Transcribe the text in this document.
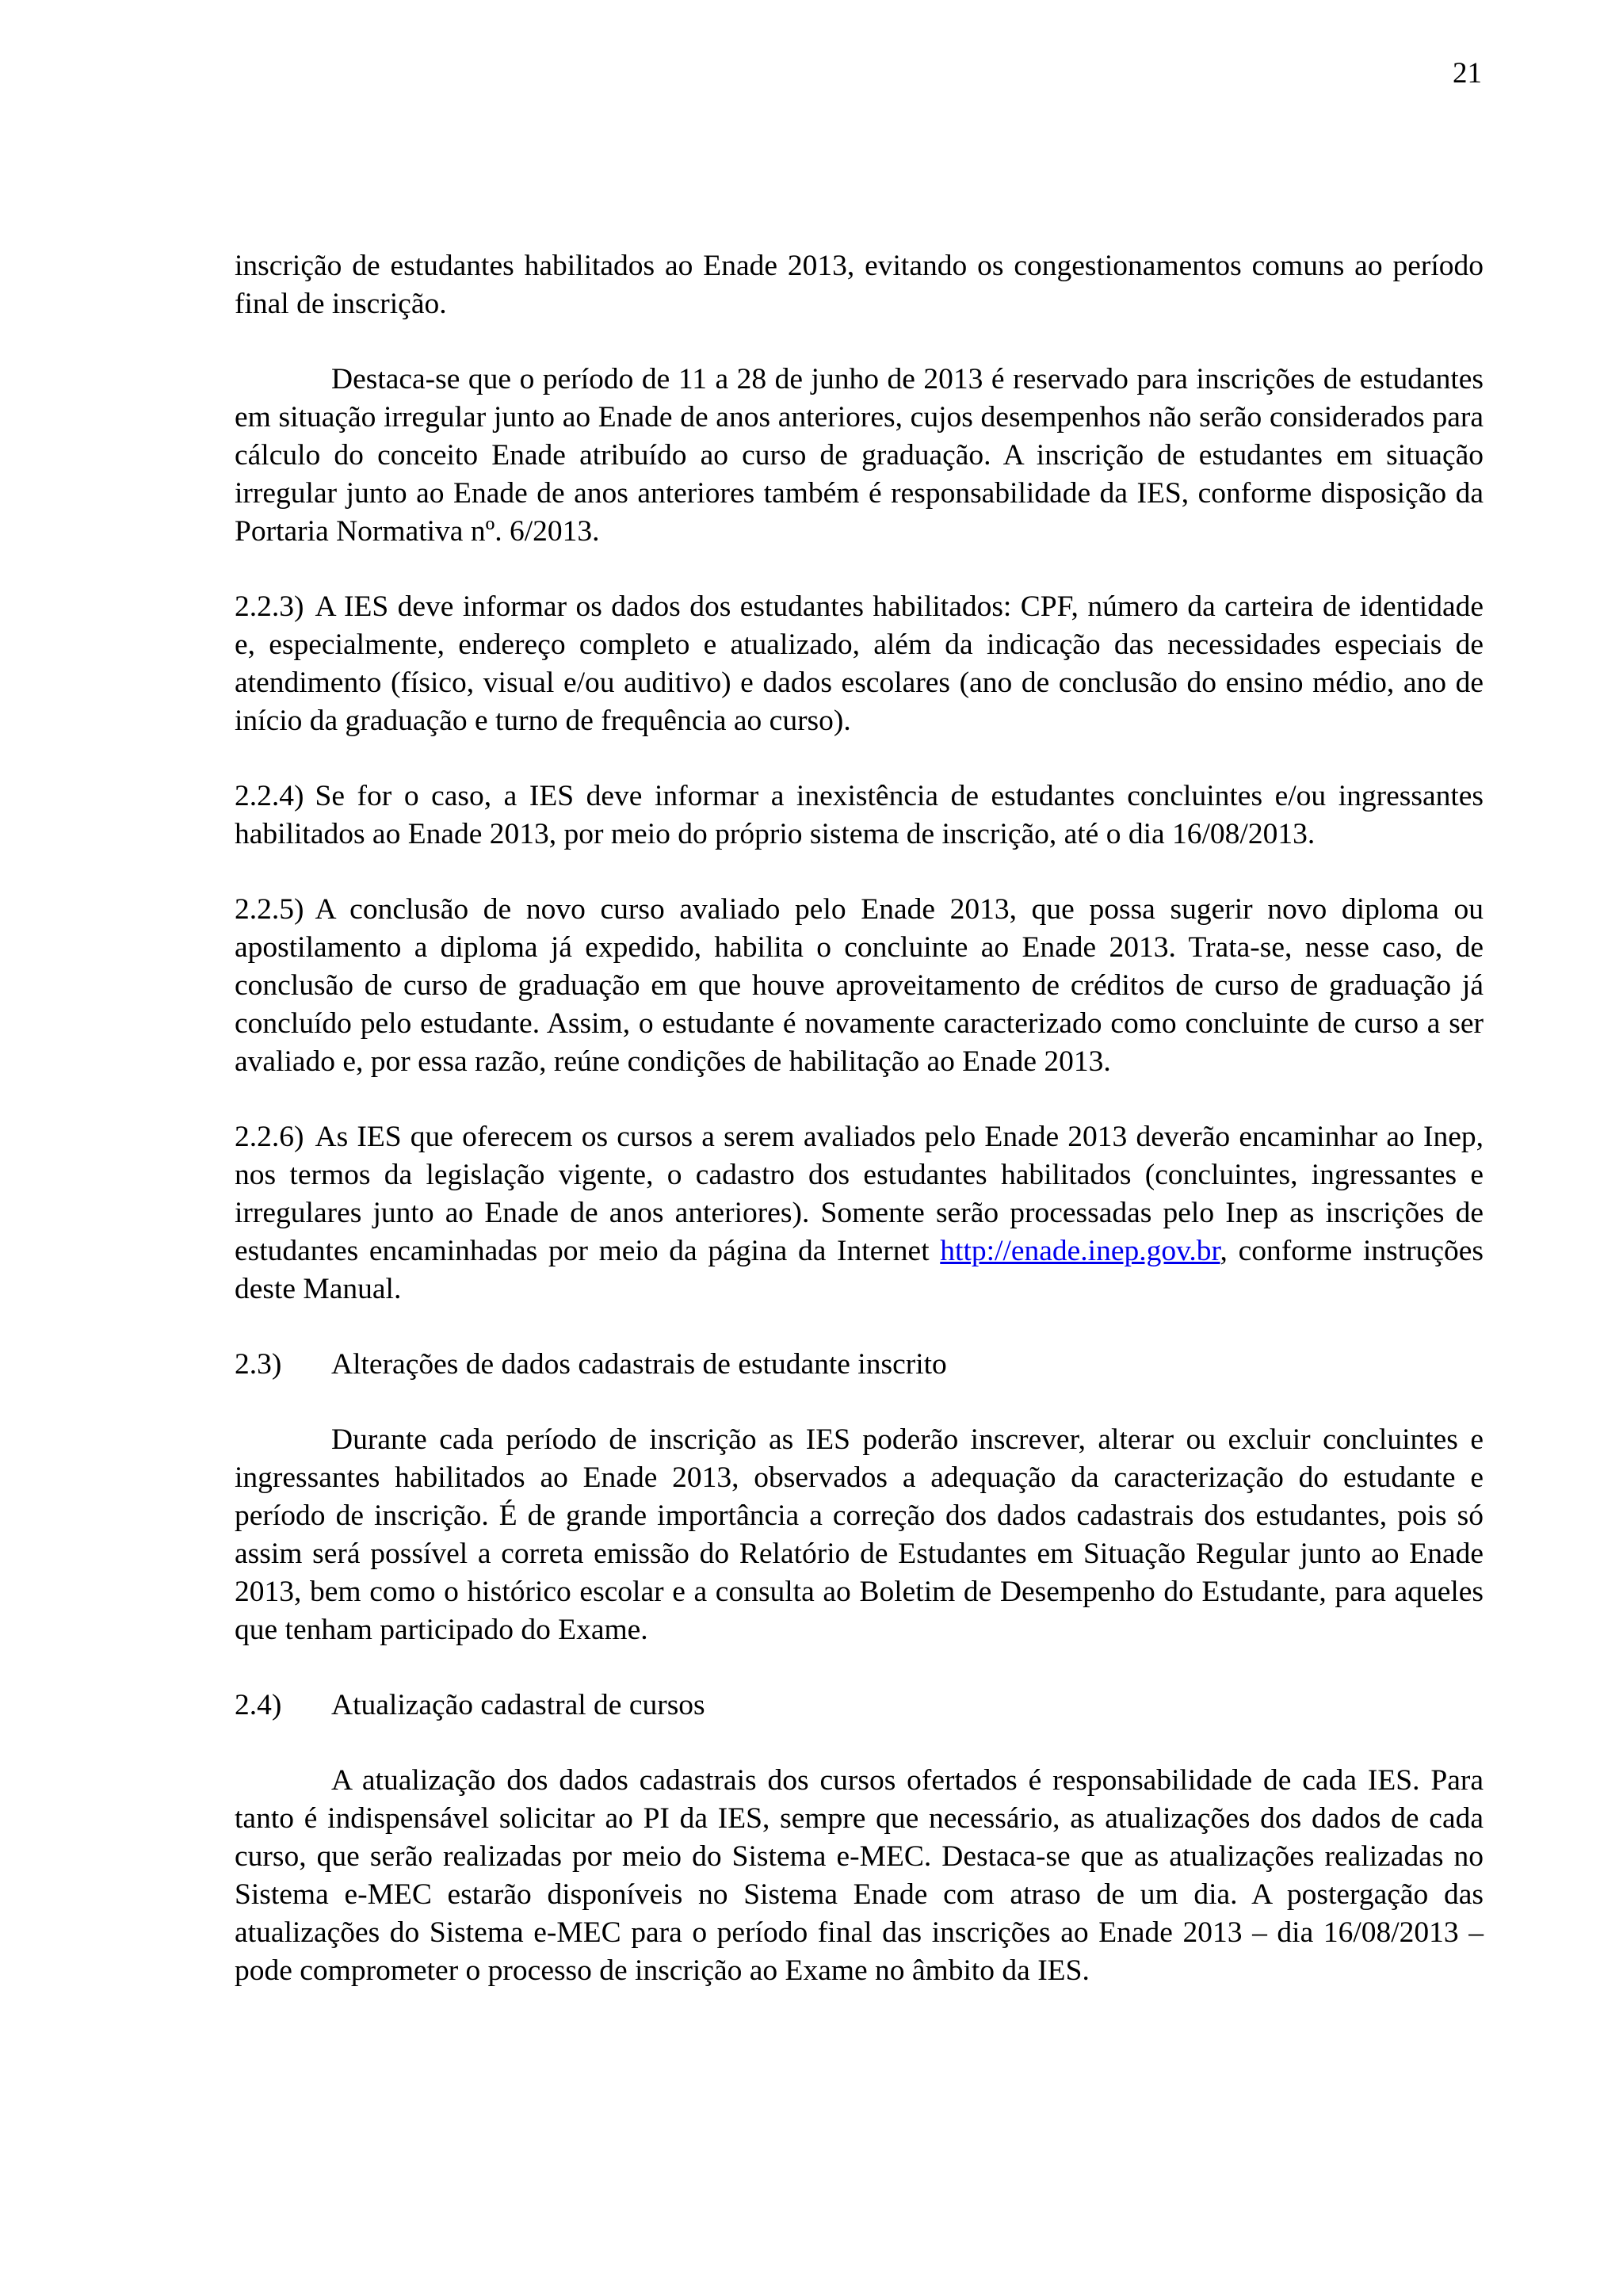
21

inscrição de estudantes habilitados ao Enade 2013, evitando os congestionamentos comuns ao período final de inscrição.

Destaca-se que o período de 11 a 28 de junho de 2013 é reservado para inscrições de estudantes em situação irregular junto ao Enade de anos anteriores, cujos desempenhos não serão considerados para cálculo do conceito Enade atribuído ao curso de graduação. A inscrição de estudantes em situação irregular junto ao Enade de anos anteriores também é responsabilidade da IES, conforme disposição da Portaria Normativa nº. 6/2013.

2.2.3) A IES deve informar os dados dos estudantes habilitados: CPF, número da carteira de identidade e, especialmente, endereço completo e atualizado, além da indicação das necessidades especiais de atendimento (físico, visual e/ou auditivo) e dados escolares (ano de conclusão do ensino médio, ano de início da graduação e turno de frequência ao curso).

2.2.4) Se for o caso, a IES deve informar a inexistência de estudantes concluintes e/ou ingressantes habilitados ao Enade 2013, por meio do próprio sistema de inscrição, até o dia 16/08/2013.

2.2.5) A conclusão de novo curso avaliado pelo Enade 2013, que possa sugerir novo diploma ou apostilamento a diploma já expedido, habilita o concluinte ao Enade 2013. Trata-se, nesse caso, de conclusão de curso de graduação em que houve aproveitamento de créditos de curso de graduação já concluído pelo estudante. Assim, o estudante é novamente caracterizado como concluinte de curso a ser avaliado e, por essa razão, reúne condições de habilitação ao Enade 2013.

2.2.6) As IES que oferecem os cursos a serem avaliados pelo Enade 2013 deverão encaminhar ao Inep, nos termos da legislação vigente, o cadastro dos estudantes habilitados (concluintes, ingressantes e irregulares junto ao Enade de anos anteriores). Somente serão processadas pelo Inep as inscrições de estudantes encaminhadas por meio da página da Internet http://enade.inep.gov.br, conforme instruções deste Manual.

2.3)	Alterações de dados cadastrais de estudante inscrito

Durante cada período de inscrição as IES poderão inscrever, alterar ou excluir concluintes e ingressantes habilitados ao Enade 2013, observados a adequação da caracterização do estudante e período de inscrição. É de grande importância a correção dos dados cadastrais dos estudantes, pois só assim será possível a correta emissão do Relatório de Estudantes em Situação Regular junto ao Enade 2013, bem como o histórico escolar e a consulta ao Boletim de Desempenho do Estudante, para aqueles que tenham participado do Exame.

2.4)	Atualização cadastral de cursos

A atualização dos dados cadastrais dos cursos ofertados é responsabilidade de cada IES. Para tanto é indispensável solicitar ao PI da IES, sempre que necessário, as atualizações dos dados de cada curso, que serão realizadas por meio do Sistema e-MEC. Destaca-se que as atualizações realizadas no Sistema e-MEC estarão disponíveis no Sistema Enade com atraso de um dia. A postergação das atualizações do Sistema e-MEC para o período final das inscrições ao Enade 2013 – dia 16/08/2013 – pode comprometer o processo de inscrição ao Exame no âmbito da IES.
